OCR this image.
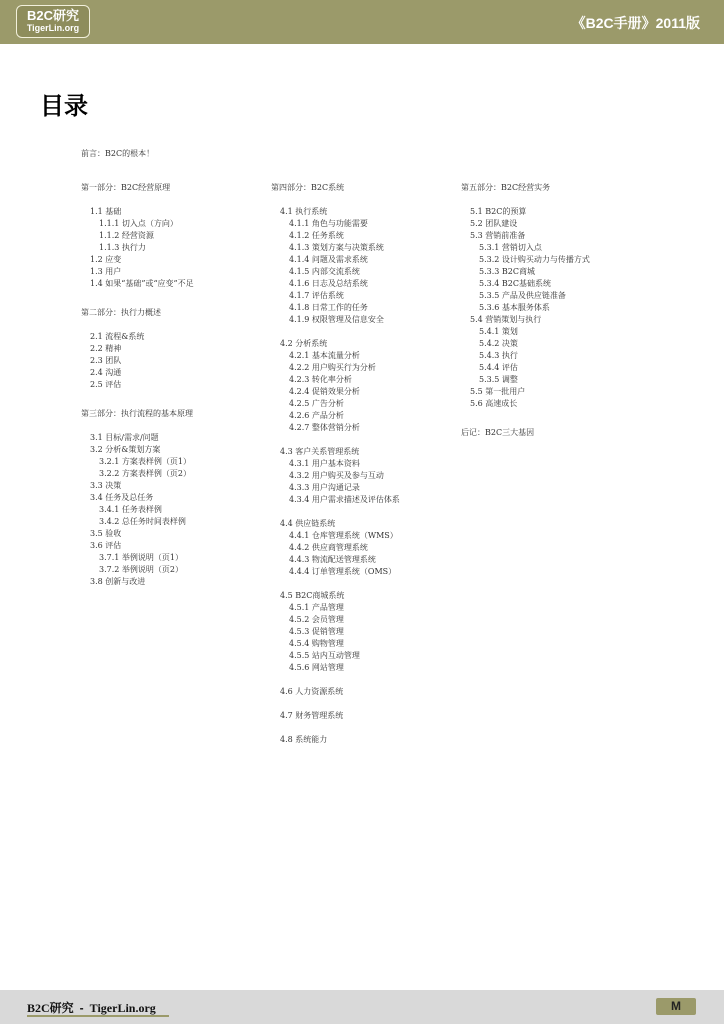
B2C研究
TigerLin.org	《B2C手册》2011版
目录
前言：B2C的根本！
第一部分：B2C经营原理
1.1 基础
1.1.1 切入点（方向）
1.1.2 经营资源
1.1.3 执行力
1.2 应变
1.3 用户
1.4 如果“基础”或“应变”不足
第二部分：执行力概述
2.1 流程&系统
2.2 精神
2.3 团队
2.4 沟通
2.5 评估
第三部分：执行流程的基本原理
3.1 目标/需求/问题
3.2 分析&策划方案
3.2.1 方案表样例（页1）
3.2.2 方案表样例（页2）
3.3 决策
3.4 任务及总任务
3.4.1 任务表样例
3.4.2 总任务时间表样例
3.5 验收
3.6 评估
3.7.1 举例说明（页1）
3.7.2 举例说明（页2）
3.8 创新与改进
第四部分：B2C系统
4.1 执行系统
4.1.1 角色与功能需要
4.1.2 任务系统
4.1.3 策划方案与决策系统
4.1.4 问题及需求系统
4.1.5 内部交流系统
4.1.6 日志及总结系统
4.1.7 评估系统
4.1.8 日常工作的任务
4.1.9 权限管理及信息安全
4.2 分析系统
4.2.1 基本流量分析
4.2.2 用户购买行为分析
4.2.3 转化率分析
4.2.4 促销效果分析
4.2.5 广告分析
4.2.6 产品分析
4.2.7 整体营销分析
4.3 客户关系管理系统
4.3.1 用户基本资料
4.3.2 用户购买及参与互动
4.3.3 用户沟通记录
4.3.4 用户需求描述及评估体系
4.4 供应链系统
4.4.1 仓库管理系统（WMS）
4.4.2 供应商管理系统
4.4.3 物流配送管理系统
4.4.4 订单管理系统（OMS）
4.5 B2C商城系统
4.5.1 产品管理
4.5.2 会员管理
4.5.3 促销管理
4.5.4 购物管理
4.5.5 站内互动管理
4.5.6 网站管理
4.6 人力资源系统
4.7 财务管理系统
4.8 系统能力
第五部分：B2C经营实务
5.1 B2C的预算
5.2 团队建设
5.3 营销前准备
5.3.1 营销切入点
5.3.2 设计购买动力与传播方式
5.3.3 B2C商城
5.3.4 B2C基础系统
5.3.5 产品及供应链准备
5.3.6 基本服务体系
5.4 营销策划与执行
5.4.1 策划
5.4.2 决策
5.4.3 执行
5.4.4 评估
5.3.5 调整
5.5 第一批用户
5.6 高速成长
后记：B2C三大基因
B2C研究 - TigerLin.org	M
